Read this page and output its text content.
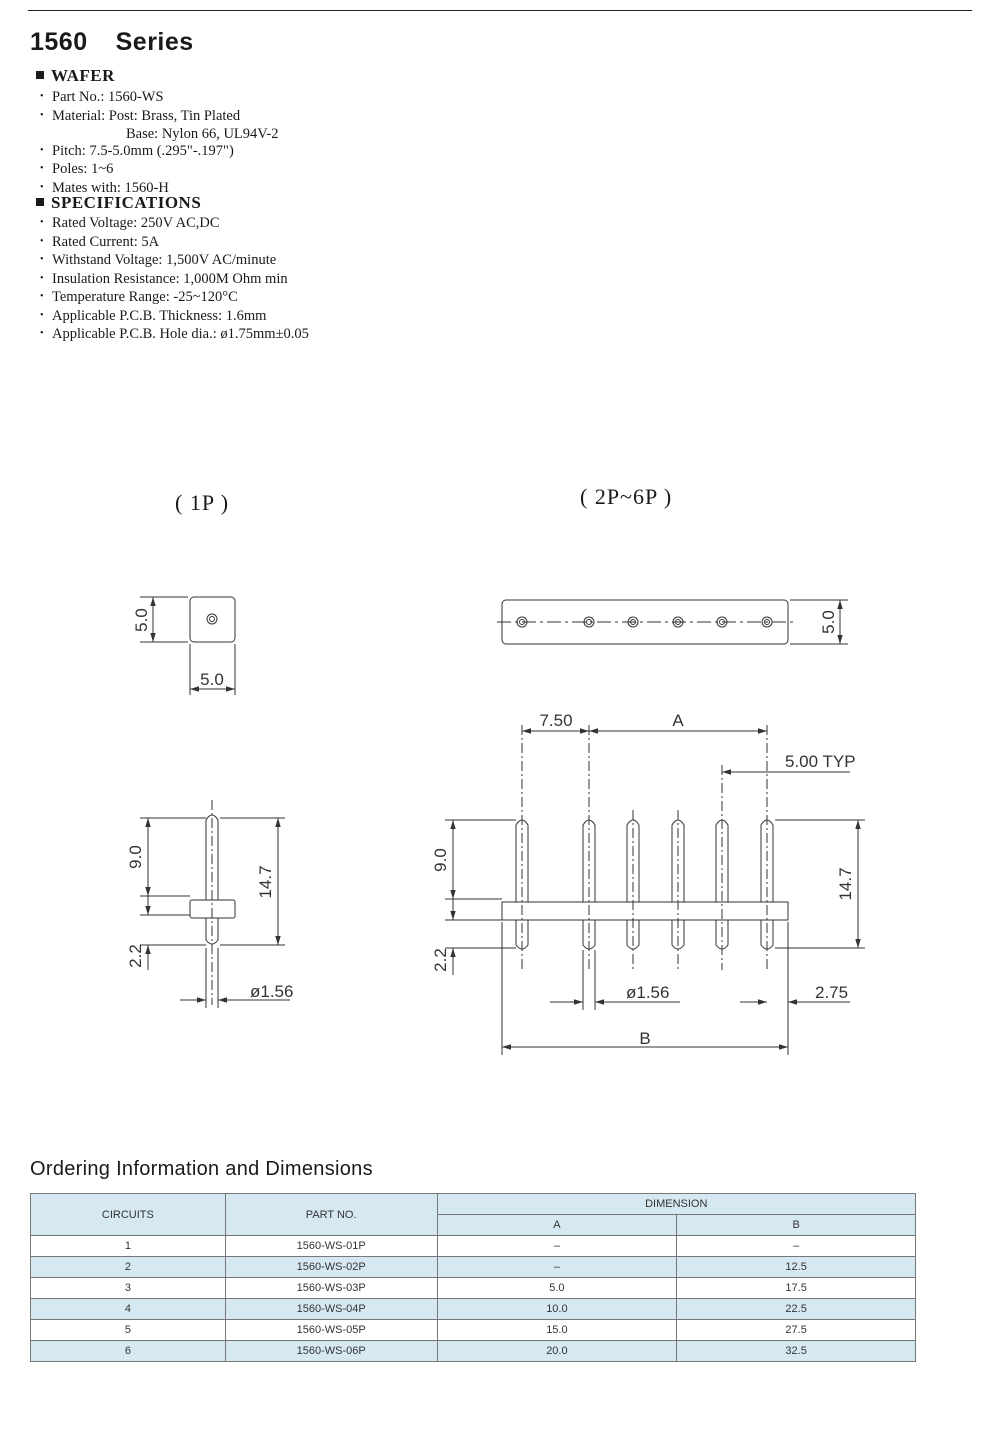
1560 Series
WAFER
• Part No.: 1560-WS
• Material: Post: Brass, Tin Plated
Base: Nylon 66, UL94V-2
• Pitch: 7.5-5.0mm (.295"-.197")
• Poles: 1~6
• Mates with: 1560-H
SPECIFICATIONS
• Rated Voltage: 250V AC,DC
• Rated Current: 5A
• Withstand Voltage: 1,500V AC/minute
• Insulation Resistance: 1,000M Ohm min
• Temperature Range: -25~120°C
• Applicable P.C.B. Thickness: 1.6mm
• Applicable P.C.B. Hole dia.: ø1.75mm±0.05
( 1P )	( 2P~6P )
5.0
5.0
5.0
9.0
2.2
14.7
ø1.56
7.50	A
5.00 TYP
9.0
2.2
14.7
ø1.56	2.75
B
Ordering Information and Dimensions
CIRCUITS	PART NO.	DIMENSION	
		A	B
1	1560-WS-01P	–	–
2	1560-WS-02P	–	12.5
3	1560-WS-03P	5.0	17.5
4	1560-WS-04P	10.0	22.5
5	1560-WS-05P	15.0	27.5
6	1560-WS-06P	20.0	32.5
